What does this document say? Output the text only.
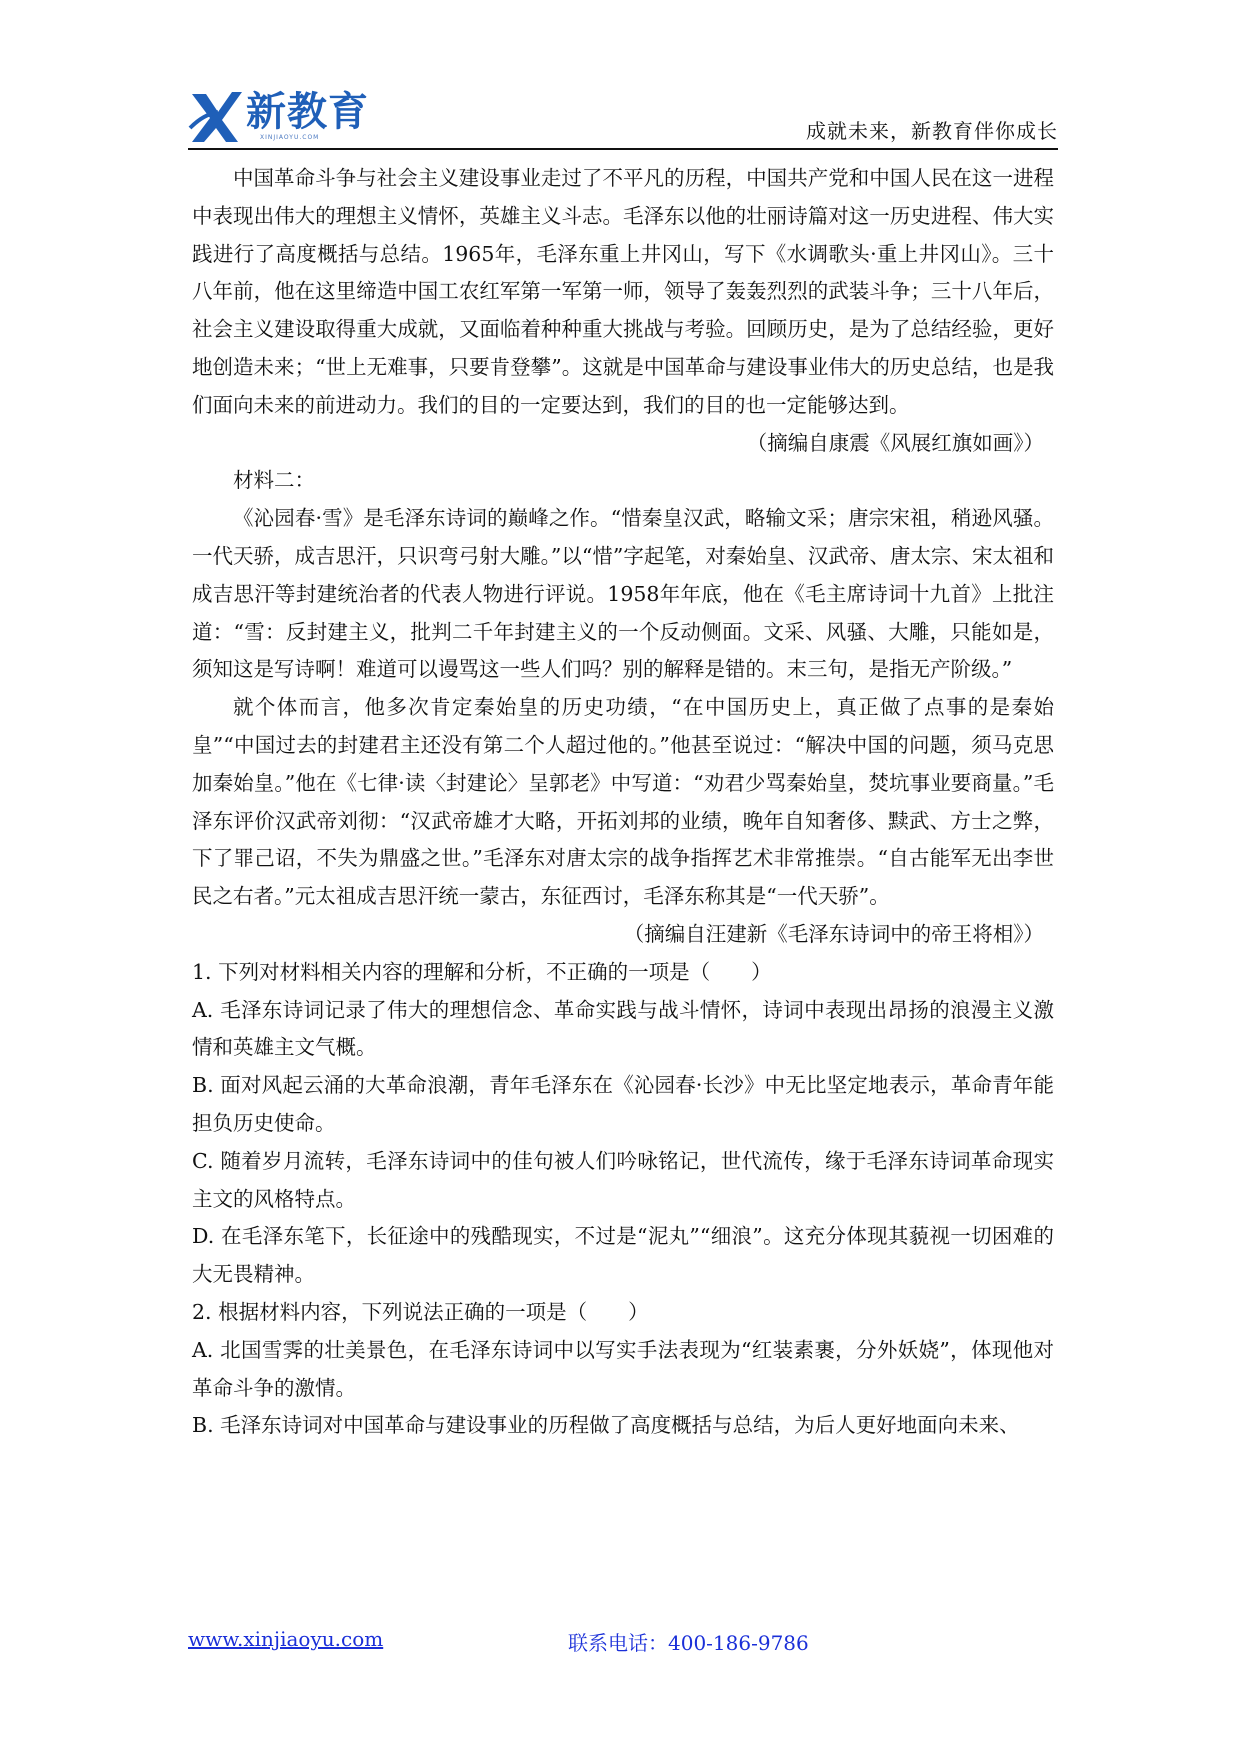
新教育
XINJIAOYU.COM	成就未来，新教育伴你成长

中国革命斗争与社会主义建设事业走过了不平凡的历程，中国共产党和中国人民在这一进程中表现出伟大的理想主义情怀，英雄主义斗志。毛泽东以他的壮丽诗篇对这一历史进程、伟大实践进行了高度概括与总结。1965年，毛泽东重上井冈山，写下《水调歌头·重上井冈山》。三十八年前，他在这里缔造中国工农红军第一军第一师，领导了轰轰烈烈的武装斗争；三十八年后，社会主义建设取得重大成就，又面临着种种重大挑战与考验。回顾历史，是为了总结经验，更好地创造未来；“世上无难事，只要肯登攀”。这就是中国革命与建设事业伟大的历史总结，也是我们面向未来的前进动力。我们的目的一定要达到，我们的目的也一定能够达到。

（摘编自康震《风展红旗如画》）

材料二：

《沁园春·雪》是毛泽东诗词的巅峰之作。“惜秦皇汉武，略输文采；唐宗宋祖，稍逊风骚。一代天骄，成吉思汗，只识弯弓射大雕。”以“惜”字起笔，对秦始皇、汉武帝、唐太宗、宋太祖和成吉思汗等封建统治者的代表人物进行评说。1958年年底，他在《毛主席诗词十九首》上批注道：“雪：反封建主义，批判二千年封建主义的一个反动侧面。文采、风骚、大雕，只能如是，须知这是写诗啊！难道可以谩骂这一些人们吗？别的解释是错的。末三句，是指无产阶级。”

就个体而言，他多次肯定秦始皇的历史功绩，“在中国历史上，真正做了点事的是秦始皇”“中国过去的封建君主还没有第二个人超过他的。”他甚至说过：“解决中国的问题，须马克思加秦始皇。”他在《七律·读〈封建论〉呈郭老》中写道：“劝君少骂秦始皇，焚坑事业要商量。”毛泽东评价汉武帝刘彻：“汉武帝雄才大略，开拓刘邦的业绩，晚年自知奢侈、黩武、方士之弊，下了罪己诏，不失为鼎盛之世。”毛泽东对唐太宗的战争指挥艺术非常推崇。“自古能军无出李世民之右者。”元太祖成吉思汗统一蒙古，东征西讨，毛泽东称其是“一代天骄”。

（摘编自汪建新《毛泽东诗词中的帝王将相》）

1. 下列对材料相关内容的理解和分析，不正确的一项是（　　）

A. 毛泽东诗词记录了伟大的理想信念、革命实践与战斗情怀，诗词中表现出昂扬的浪漫主义激情和英雄主文气概。

B. 面对风起云涌的大革命浪潮，青年毛泽东在《沁园春·长沙》中无比坚定地表示，革命青年能担负历史使命。

C. 随着岁月流转，毛泽东诗词中的佳句被人们吟咏铭记，世代流传，缘于毛泽东诗词革命现实主文的风格特点。

D. 在毛泽东笔下，长征途中的残酷现实，不过是“泥丸”“细浪”。这充分体现其藐视一切困难的大无畏精神。

2. 根据材料内容，下列说法正确的一项是（　　）

A. 北国雪霁的壮美景色，在毛泽东诗词中以写实手法表现为“红装素裹，分外妖娆”，体现他对革命斗争的激情。

B. 毛泽东诗词对中国革命与建设事业的历程做了高度概括与总结，为后人更好地面向未来、

www.xinjiaoyu.com	联系电话：400-186-9786
